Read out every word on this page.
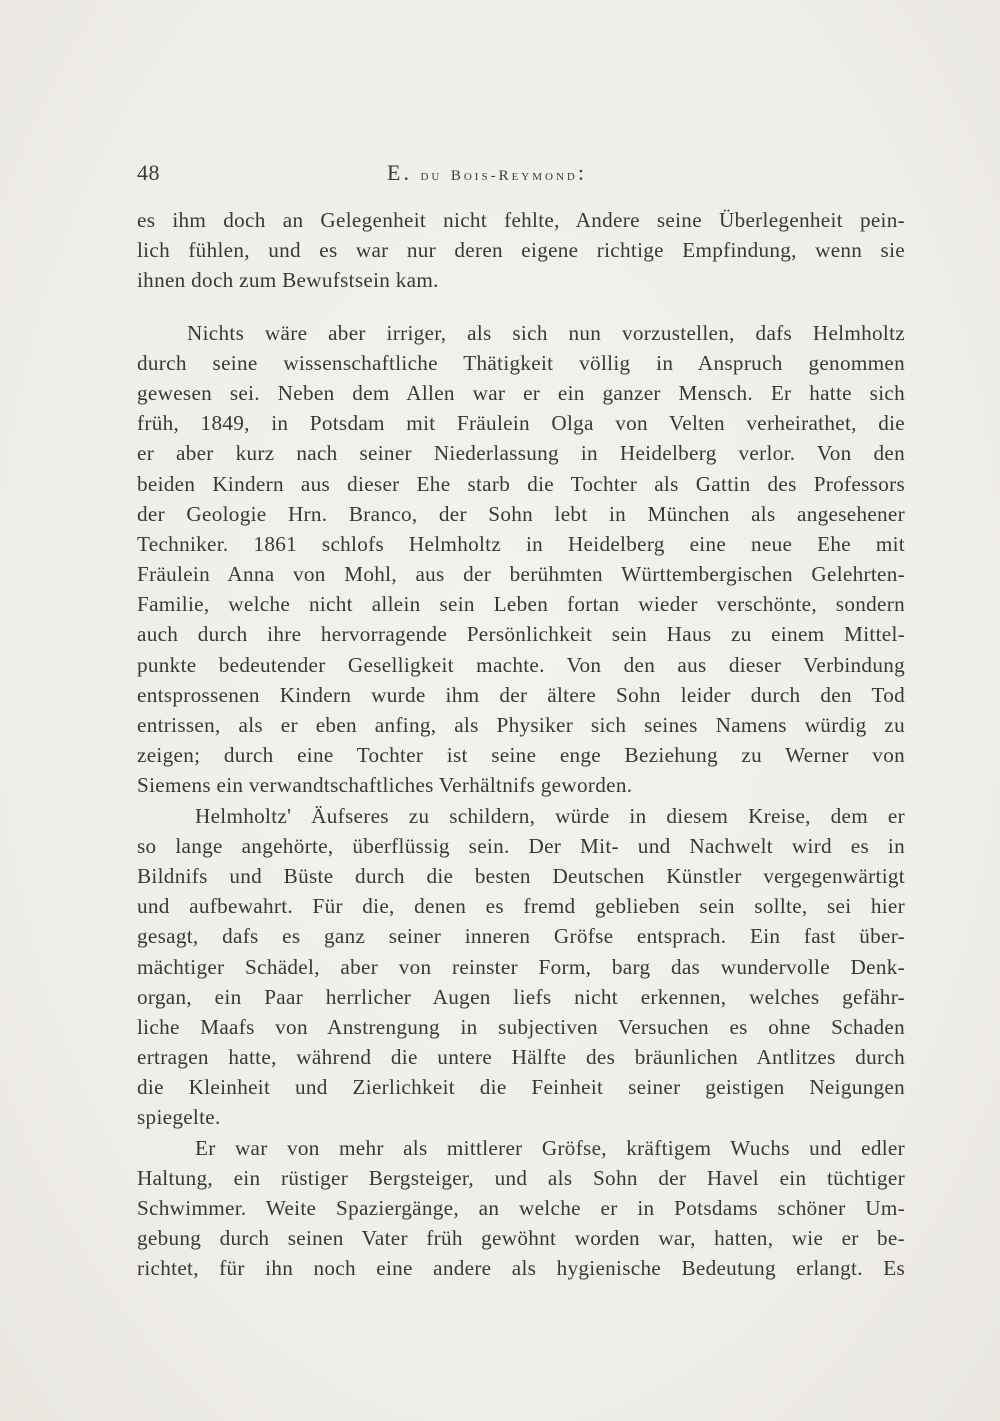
48	E. du Bois-Reymond:
es ihm doch an Gelegenheit nicht fehlte, Andere seine Überlegenheit pein-
lich fühlen, und es war nur deren eigene richtige Empfindung, wenn sie
ihnen doch zum Bewufstsein kam.
Nichts wäre aber irriger, als sich nun vorzustellen, dafs Helmholtz
durch seine wissenschaftliche Thätigkeit völlig in Anspruch genommen
gewesen sei. Neben dem Allen war er ein ganzer Mensch. Er hatte sich
früh, 1849, in Potsdam mit Fräulein Olga von Velten verheirathet, die
er aber kurz nach seiner Niederlassung in Heidelberg verlor. Von den
beiden Kindern aus dieser Ehe starb die Tochter als Gattin des Professors
der Geologie Hrn. Branco, der Sohn lebt in München als angesehener
Techniker. 1861 schlofs Helmholtz in Heidelberg eine neue Ehe mit
Fräulein Anna von Mohl, aus der berühmten Württembergischen Gelehrten-
Familie, welche nicht allein sein Leben fortan wieder verschönte, sondern
auch durch ihre hervorragende Persönlichkeit sein Haus zu einem Mittel-
punkte bedeutender Geselligkeit machte. Von den aus dieser Verbindung
entsprossenen Kindern wurde ihm der ältere Sohn leider durch den Tod
entrissen, als er eben anfing, als Physiker sich seines Namens würdig zu
zeigen; durch eine Tochter ist seine enge Beziehung zu Werner von
Siemens ein verwandtschaftliches Verhältnifs geworden.
Helmholtz' Äufseres zu schildern, würde in diesem Kreise, dem er
so lange angehörte, überflüssig sein. Der Mit- und Nachwelt wird es in
Bildnifs und Büste durch die besten Deutschen Künstler vergegenwärtigt
und aufbewahrt. Für die, denen es fremd geblieben sein sollte, sei hier
gesagt, dafs es ganz seiner inneren Gröfse entsprach. Ein fast über-
mächtiger Schädel, aber von reinster Form, barg das wundervolle Denk-
organ, ein Paar herrlicher Augen liefs nicht erkennen, welches gefähr-
liche Maafs von Anstrengung in subjectiven Versuchen es ohne Schaden
ertragen hatte, während die untere Hälfte des bräunlichen Antlitzes durch
die Kleinheit und Zierlichkeit die Feinheit seiner geistigen Neigungen
spiegelte.
Er war von mehr als mittlerer Gröfse, kräftigem Wuchs und edler
Haltung, ein rüstiger Bergsteiger, und als Sohn der Havel ein tüchtiger
Schwimmer. Weite Spaziergänge, an welche er in Potsdams schöner Um-
gebung durch seinen Vater früh gewöhnt worden war, hatten, wie er be-
richtet, für ihn noch eine andere als hygienische Bedeutung erlangt. Es
